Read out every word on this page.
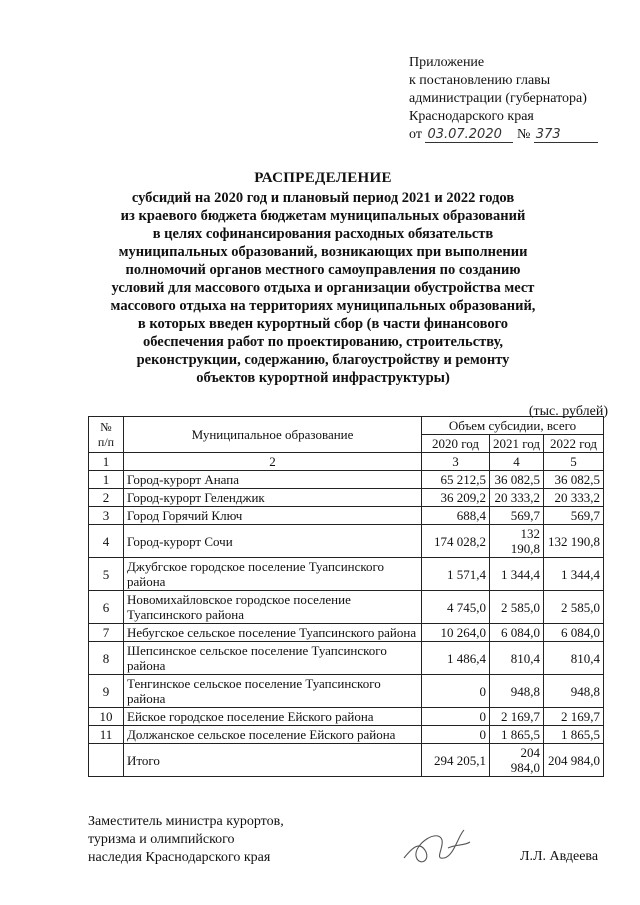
Приложение
к постановлению главы
администрации (губернатора)
Краснодарского края
от 03.07.2020 № 373
РАСПРЕДЕЛЕНИЕ
субсидий на 2020 год и плановый период 2021 и 2022 годов
из краевого бюджета бюджетам муниципальных образований
в целях софинансирования расходных обязательств
муниципальных образований, возникающих при выполнении
полномочий органов местного самоуправления по созданию
условий для массового отдыха и организации обустройства мест
массового отдыха на территориях муниципальных образований,
в которых введен курортный сбор (в части финансового
обеспечения работ по проектированию, строительству,
реконструкции, содержанию, благоустройству и ремонту
объектов курортной инфраструктуры)
(тыс. рублей)
№
п/п	Муниципальное образование	Объем субсидии, всего		
		2020 год	2021 год	2022 год
1	2	3	4	5
1	Город-курорт Анапа	65 212,5	36 082,5	36 082,5
2	Город-курорт Геленджик	36 209,2	20 333,2	20 333,2
3	Город Горячий Ключ	688,4	569,7	569,7
4	Город-курорт Сочи	174 028,2	132 190,8	132 190,8
5	Джубгское городское поселение Туапсинского района	1 571,4	1 344,4	1 344,4
6	Новомихайловское городское поселение Туапсинского района	4 745,0	2 585,0	2 585,0
7	Небугское сельское поселение Туапсинского района	10 264,0	6 084,0	6 084,0
8	Шепсинское сельское поселение Туапсинского района	1 486,4	810,4	810,4
9	Тенгинское сельское поселение Туапсинского района	0	948,8	948,8
10	Ейское городское поселение Ейского района	0	2 169,7	2 169,7
11	Должанское сельское поселение Ейского района	0	1 865,5	1 865,5
	Итого	294 205,1	204 984,0	204 984,0
Заместитель министра курортов,
туризма и олимпийского
наследия Краснодарского края	Л.Л. Авдеева
